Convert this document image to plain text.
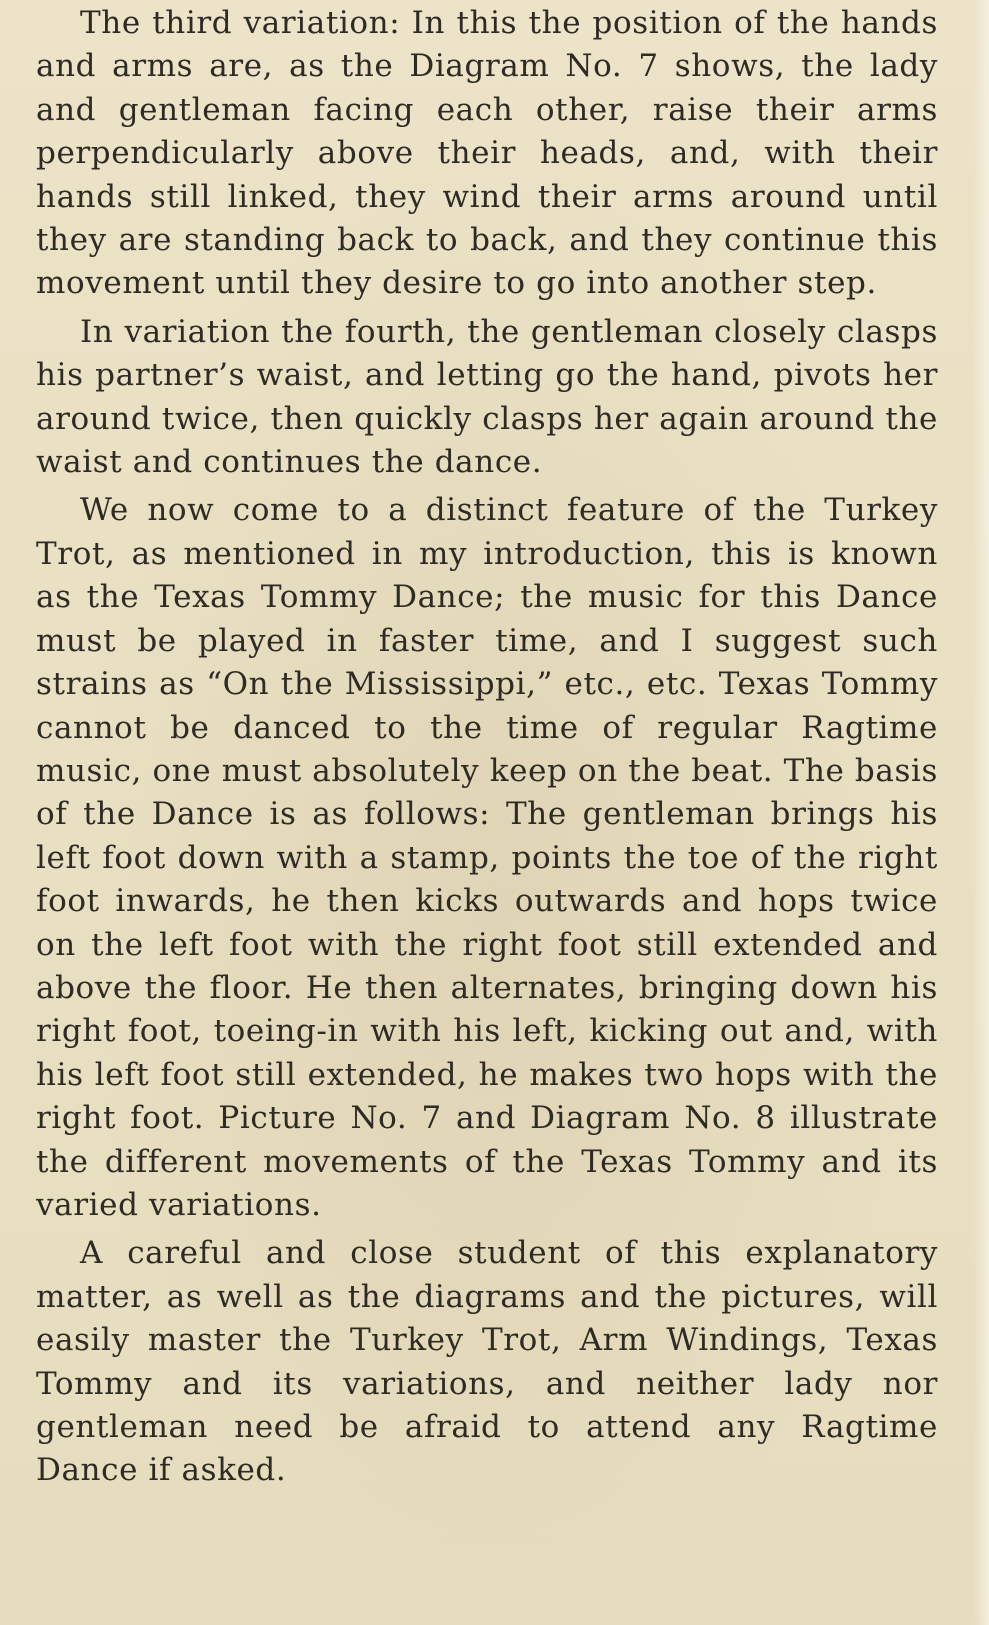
The third variation: In this the position of the hands and arms are, as the Diagram No. 7 shows, the lady and gentleman facing each other, raise their arms perpendicularly above their heads, and, with their hands still linked, they wind their arms around until they are standing back to back, and they continue this movement until they desire to go into another step.

In variation the fourth, the gentleman closely clasps his partner’s waist, and letting go the hand, pivots her around twice, then quickly clasps her again around the waist and continues the dance.

We now come to a distinct feature of the Turkey Trot, as mentioned in my introduction, this is known as the Texas Tommy Dance; the music for this Dance must be played in faster time, and I suggest such strains as “On the Mississippi,” etc., etc. Texas Tommy cannot be danced to the time of regular Ragtime music, one must absolutely keep on the beat. The basis of the Dance is as follows: The gentleman brings his left foot down with a stamp, points the toe of the right foot inwards, he then kicks outwards and hops twice on the left foot with the right foot still extended and above the floor. He then alternates, bringing down his right foot, toeing-in with his left, kicking out and, with his left foot still extended, he makes two hops with the right foot. Picture No. 7 and Diagram No. 8 illustrate the different movements of the Texas Tommy and its varied variations.

A careful and close student of this explanatory matter, as well as the diagrams and the pictures, will easily master the Turkey Trot, Arm Windings, Texas Tommy and its variations, and neither lady nor gentleman need be afraid to attend any Ragtime Dance if asked.
